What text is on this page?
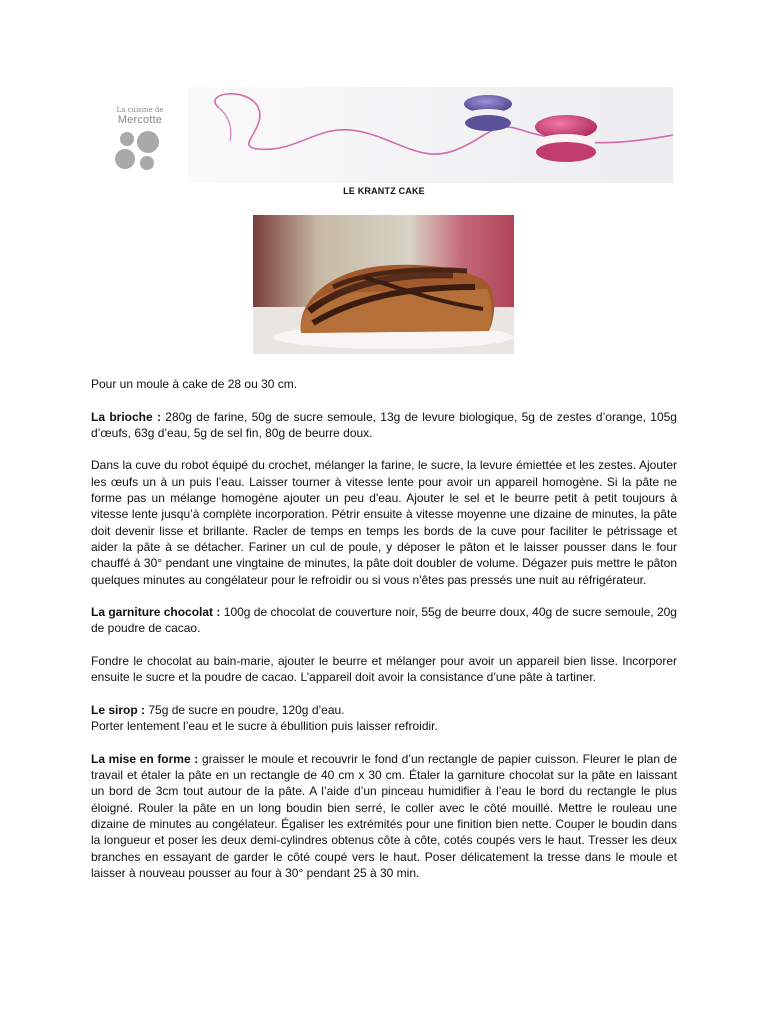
La cuisine de
Mercotte
LE KRANTZ CAKE

Pour un moule à cake de 28 ou 30 cm.

La brioche : 280g de farine, 50g de sucre semoule, 13g de levure biologique, 5g de zestes d’orange, 105g d’œufs, 63g d’eau, 5g de sel fin, 80g de beurre doux.

Dans la cuve du robot équipé du crochet, mélanger la farine, le sucre, la levure émiettée et les zestes. Ajouter les œufs un à un puis l’eau. Laisser tourner à vitesse lente pour avoir un appareil homogène. Si la pâte ne forme pas un mélange homogène ajouter un peu d'eau. Ajouter le sel et le beurre petit à petit toujours à vitesse lente jusqu’à complète incorporation. Pétrir ensuite à vitesse moyenne une dizaine de minutes, la pâte doit devenir lisse et brillante. Racler de temps en temps les bords de la cuve pour faciliter le pétrissage et aider la pâte à se détacher. Fariner un cul de poule, y déposer le pâton et le laisser pousser dans le four chauffé à 30° pendant une vingtaine de minutes, la pâte doit doubler de volume. Dégazer puis mettre le pâton quelques minutes au congélateur pour le refroidir ou si vous n'êtes pas pressés une nuit au réfrigérateur.

La garniture chocolat : 100g de chocolat de couverture noir, 55g de beurre doux, 40g de sucre semoule, 20g de poudre de cacao.

Fondre le chocolat au bain-marie, ajouter le beurre et mélanger pour avoir un appareil bien lisse. Incorporer ensuite le sucre et la poudre de cacao. L’appareil doit avoir la consistance d’une pâte à tartiner.

Le sirop : 75g de sucre en poudre, 120g d’eau.
Porter lentement l’eau et le sucre à ébullition puis laisser refroidir.

La mise en forme : graisser le moule et recouvrir le fond d’un rectangle de papier cuisson. Fleurer le plan de travail et étaler la pâte en un rectangle de 40 cm x 30 cm. Étaler la garniture chocolat sur la pâte en laissant un bord de 3cm tout autour de la pâte. A l’aide d’un pinceau humidifier à l’eau le bord du rectangle le plus éloigné. Rouler la pâte en un long boudin bien serré, le coller avec le côté mouillé. Mettre le rouleau une dizaine de minutes au congélateur. Égaliser les extrémités pour une finition bien nette. Couper le boudin dans la longueur et poser les deux demi-cylindres obtenus côte à côte, cotés coupés vers le haut. Tresser les deux branches en essayant de garder le côté coupé vers le haut. Poser délicatement la tresse dans le moule et laisser à nouveau pousser au four à 30° pendant 25 à 30 min.
